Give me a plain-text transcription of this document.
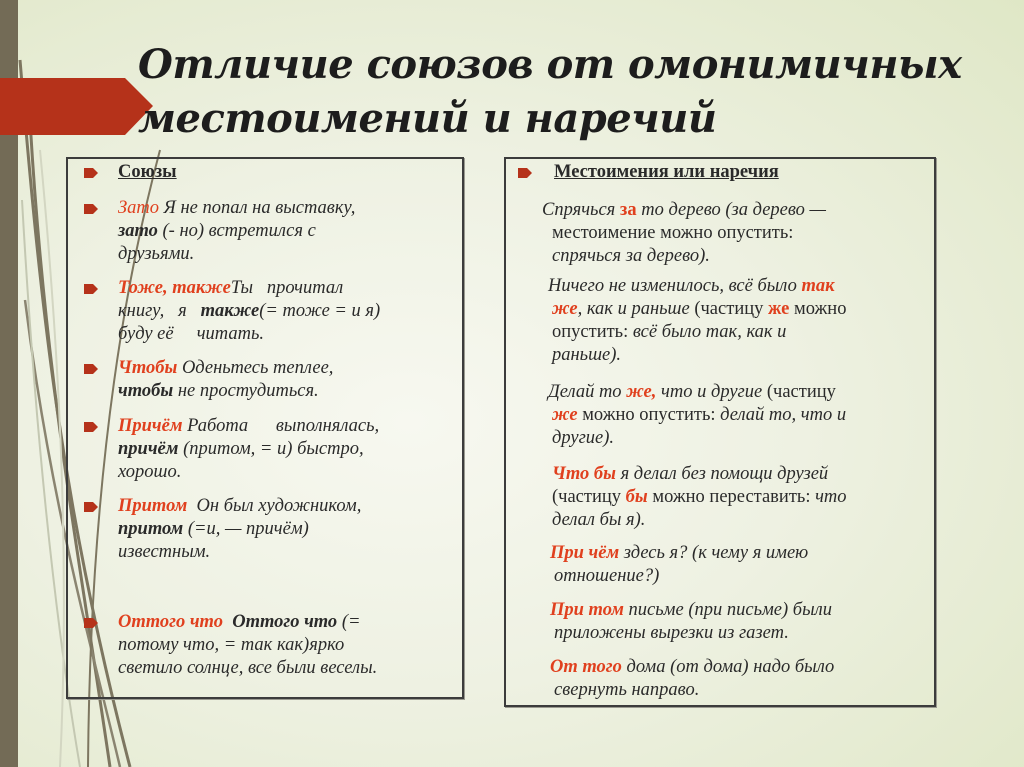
Отличие союзов от омонимичных
местоимений и наречий
Союзы
Зато Я не попал на выставку,
зато (- но) встретился с
друзьями.
Тоже, такжеТы   прочитал
книгу,   я   также(= тоже = и я)
буду её     читать.
Чтобы Оденьтесь теплее,
чтобы не простудиться.
Причём Работа      выполнялась,
причём (притом, = и) быстро,
хорошо.
Притом  Он был художником,
притом (=и, — причём)
известным.
Оттого что Оттого что (=
потому что, = так как)ярко
светило солнце, все были веселы.
Местоимения или наречия
Спрячься за то дерево (за дерево —
местоимение можно опустить:
спрячься за дерево).
Ничего не изменилось, всё было так
же, как и раньше (частицу же можно
опустить: всё было так, как и
раньше).
Делай то же, что и другие (частицу
же можно опустить: делай то, что и
другие).
Что бы я делал без помощи друзей
(частицу бы можно переставить: что
делал бы я).
При чём здесь я? (к чему я имею
отношение?)
При том письме (при письме) были
приложены вырезки из газет.
От того дома (от дома) надо было
свернуть направо.
